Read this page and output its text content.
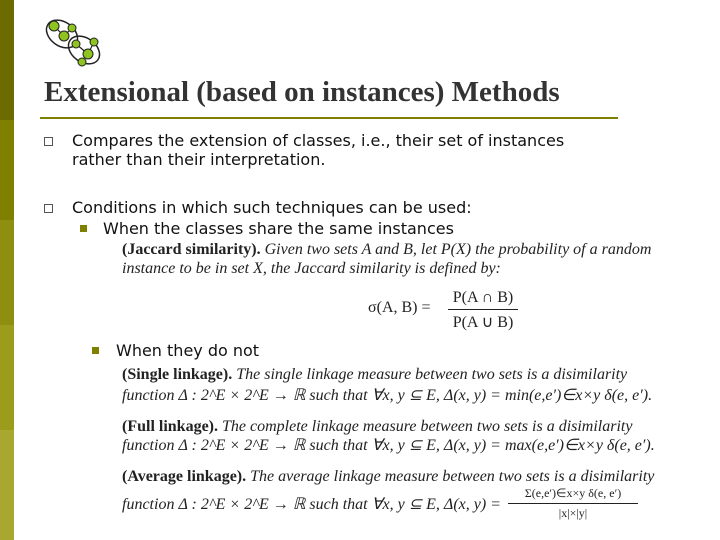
Extensional (based on instances) Methods
Compares the extension of classes, i.e., their set of instances
rather than their interpretation.
Conditions in which such techniques can be used:
When the classes share the same instances
(Jaccard similarity). Given two sets A and B, let P(X) the probability of a random
instance to be in set X, the Jaccard similarity is defined by:
σ(A, B) =
P(A ∩ B)
P(A ∪ B)
When they do not
(Single linkage). The single linkage measure between two sets is a disimilarity
function Δ : 2^E × 2^E → ℝ such that ∀x, y ⊆ E, Δ(x, y) = min(e,e′)∈x×y δ(e, e′).
(Full linkage). The complete linkage measure between two sets is a disimilarity
function Δ : 2^E × 2^E → ℝ such that ∀x, y ⊆ E, Δ(x, y) = max(e,e′)∈x×y δ(e, e′).
(Average linkage). The average linkage measure between two sets is a disimilarity
function Δ : 2^E × 2^E → ℝ such that ∀x, y ⊆ E, Δ(x, y) =
Σ(e,e′)∈x×y δ(e, e′)
|x|×|y|
